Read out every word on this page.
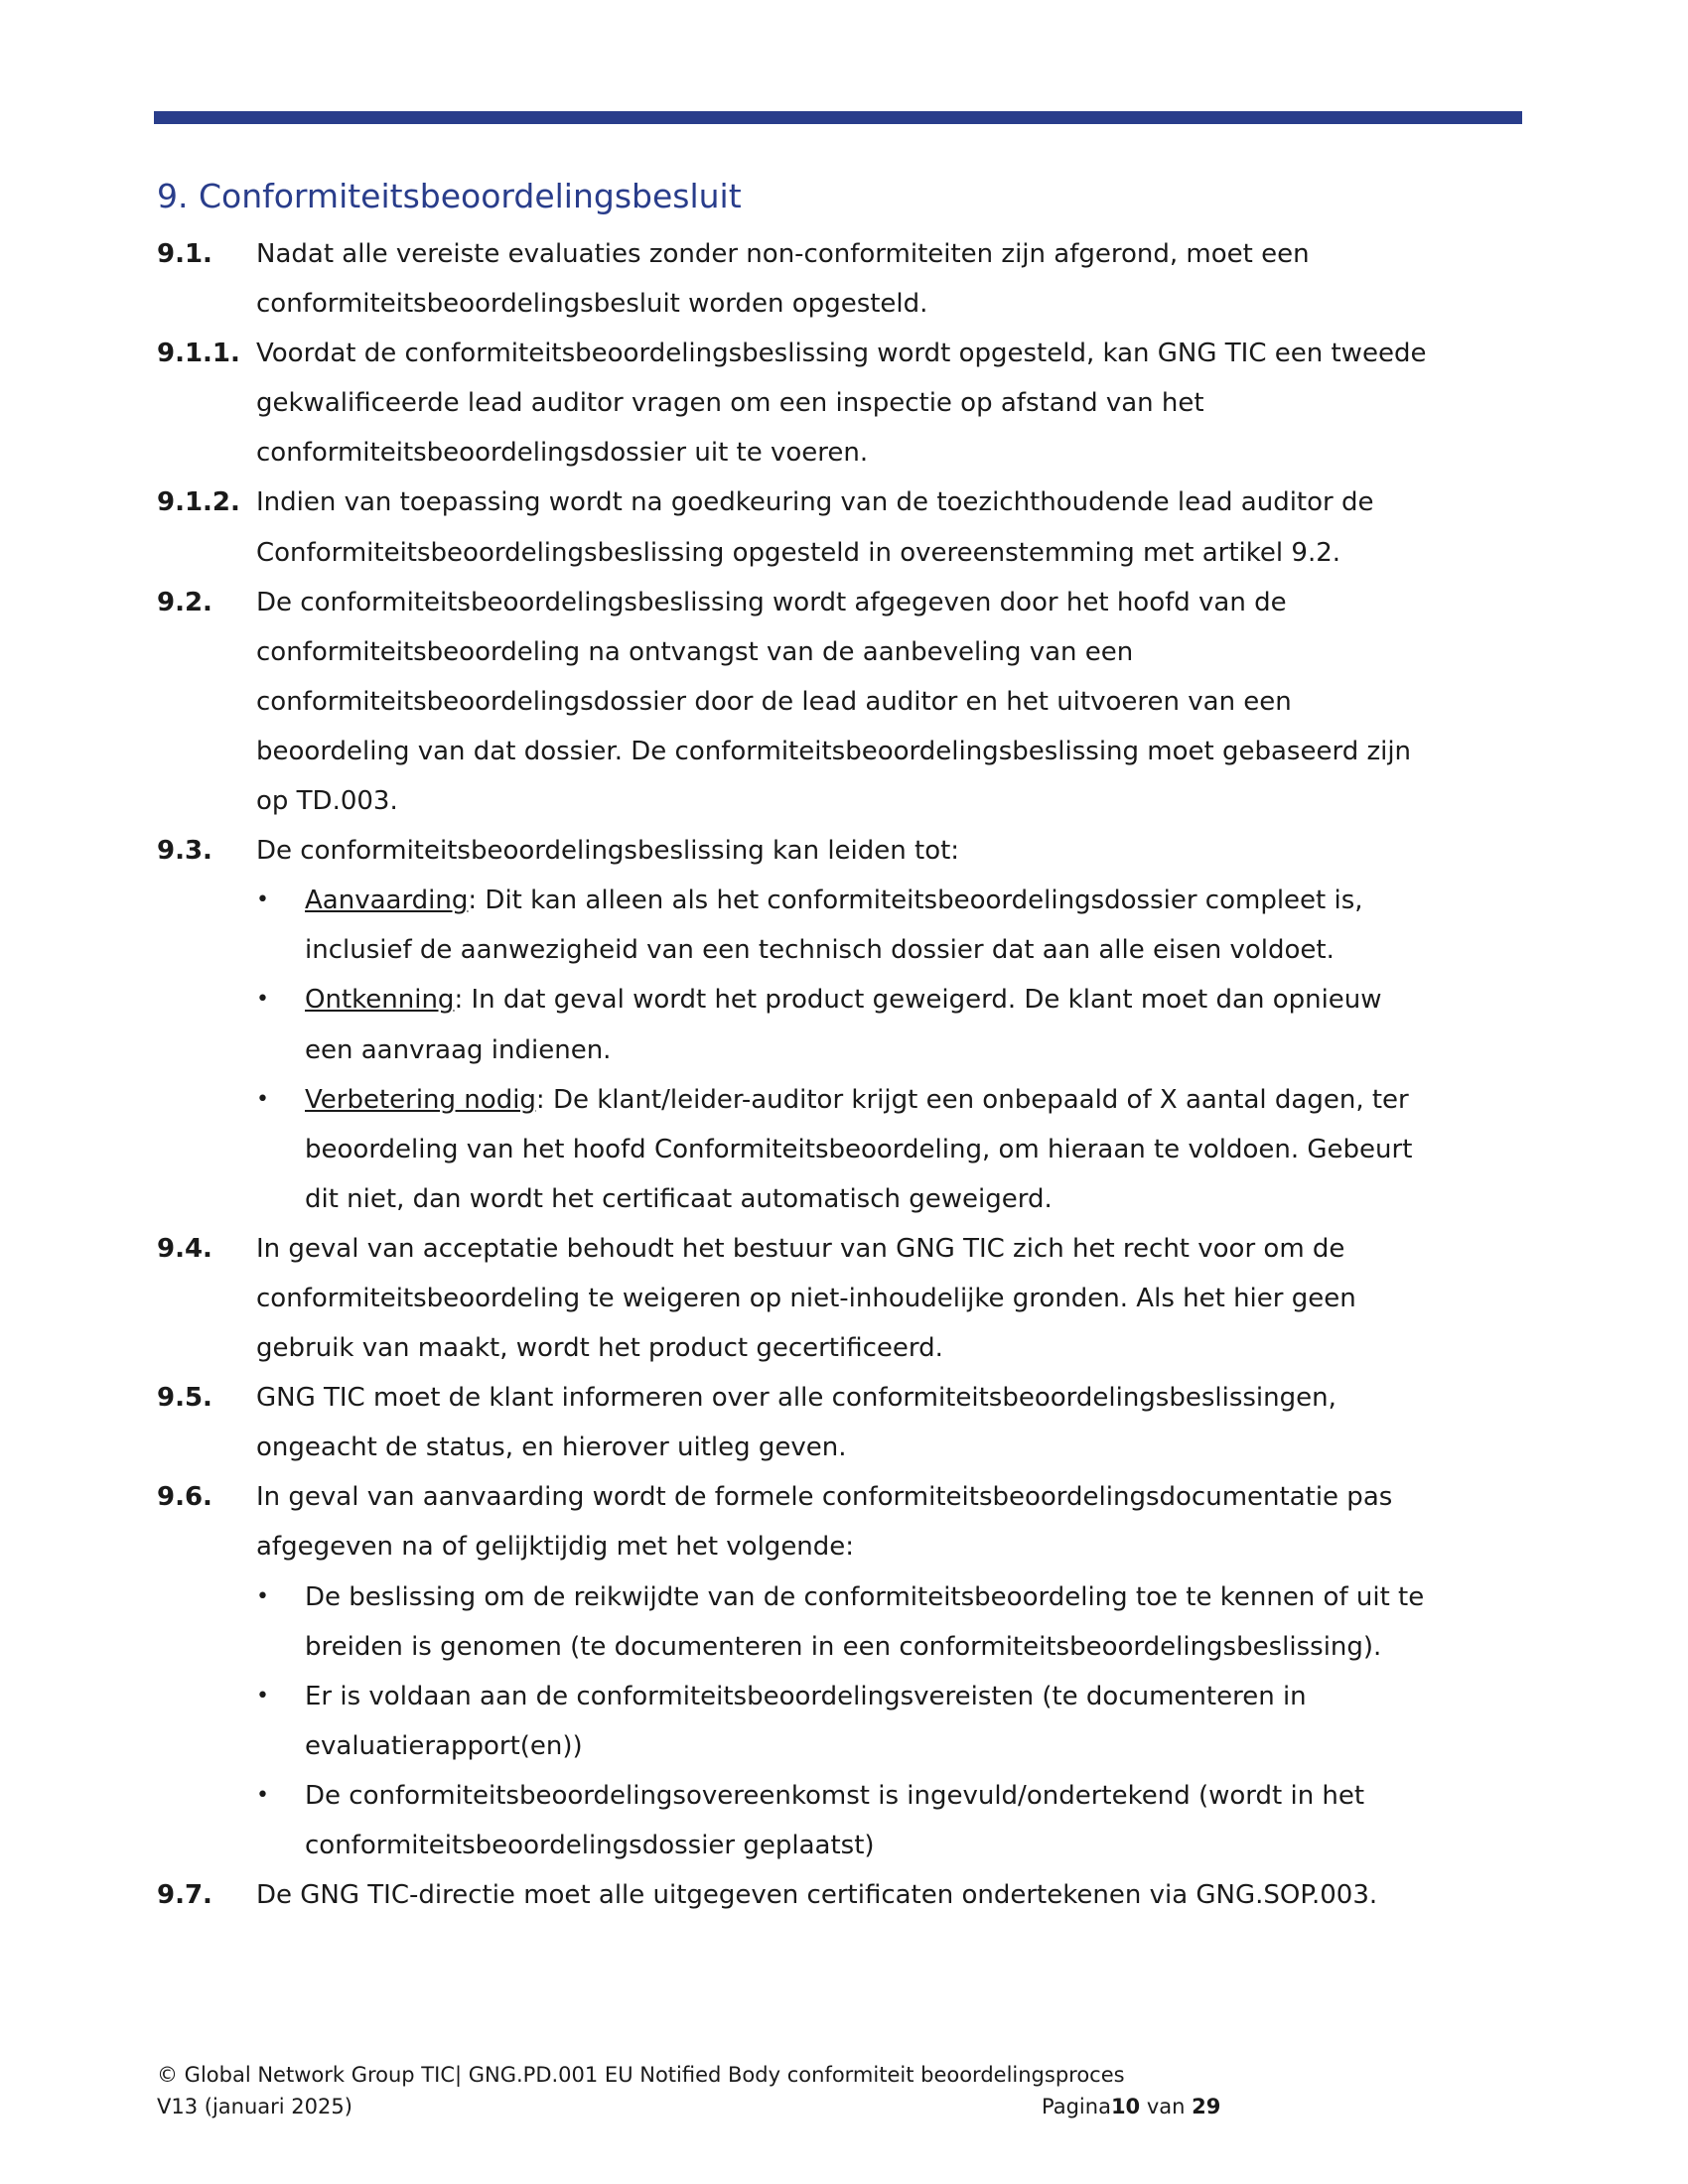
9. Conformiteitsbeoordelingsbesluit
9.1. Nadat alle vereiste evaluaties zonder non-conformiteiten zijn afgerond, moet een
conformiteitsbeoordelingsbesluit worden opgesteld.
9.1.1. Voordat de conformiteitsbeoordelingsbeslissing wordt opgesteld, kan GNG TIC een tweede
gekwalificeerde lead auditor vragen om een inspectie op afstand van het
conformiteitsbeoordelingsdossier uit te voeren.
9.1.2. Indien van toepassing wordt na goedkeuring van de toezichthoudende lead auditor de
Conformiteitsbeoordelingsbeslissing opgesteld in overeenstemming met artikel 9.2.
9.2. De conformiteitsbeoordelingsbeslissing wordt afgegeven door het hoofd van de
conformiteitsbeoordeling na ontvangst van de aanbeveling van een
conformiteitsbeoordelingsdossier door de lead auditor en het uitvoeren van een
beoordeling van dat dossier. De conformiteitsbeoordelingsbeslissing moet gebaseerd zijn
op TD.003.
9.3. De conformiteitsbeoordelingsbeslissing kan leiden tot:
• Aanvaarding: Dit kan alleen als het conformiteitsbeoordelingsdossier compleet is,
inclusief de aanwezigheid van een technisch dossier dat aan alle eisen voldoet.
• Ontkenning: In dat geval wordt het product geweigerd. De klant moet dan opnieuw
een aanvraag indienen.
• Verbetering nodig: De klant/leider-auditor krijgt een onbepaald of X aantal dagen, ter
beoordeling van het hoofd Conformiteitsbeoordeling, om hieraan te voldoen. Gebeurt
dit niet, dan wordt het certificaat automatisch geweigerd.
9.4. In geval van acceptatie behoudt het bestuur van GNG TIC zich het recht voor om de
conformiteitsbeoordeling te weigeren op niet-inhoudelijke gronden. Als het hier geen
gebruik van maakt, wordt het product gecertificeerd.
9.5. GNG TIC moet de klant informeren over alle conformiteitsbeoordelingsbeslissingen,
ongeacht de status, en hierover uitleg geven.
9.6. In geval van aanvaarding wordt de formele conformiteitsbeoordelingsdocumentatie pas
afgegeven na of gelijktijdig met het volgende:
• De beslissing om de reikwijdte van de conformiteitsbeoordeling toe te kennen of uit te
breiden is genomen (te documenteren in een conformiteitsbeoordelingsbeslissing).
• Er is voldaan aan de conformiteitsbeoordelingsvereisten (te documenteren in
evaluatierapport(en))
• De conformiteitsbeoordelingsovereenkomst is ingevuld/ondertekend (wordt in het
conformiteitsbeoordelingsdossier geplaatst)
9.7. De GNG TIC-directie moet alle uitgegeven certificaten ondertekenen via GNG.SOP.003.
© Global Network Group TIC| GNG.PD.001 EU Notified Body conformiteit beoordelingsproces
V13 (januari 2025)	Pagina10 van 29
